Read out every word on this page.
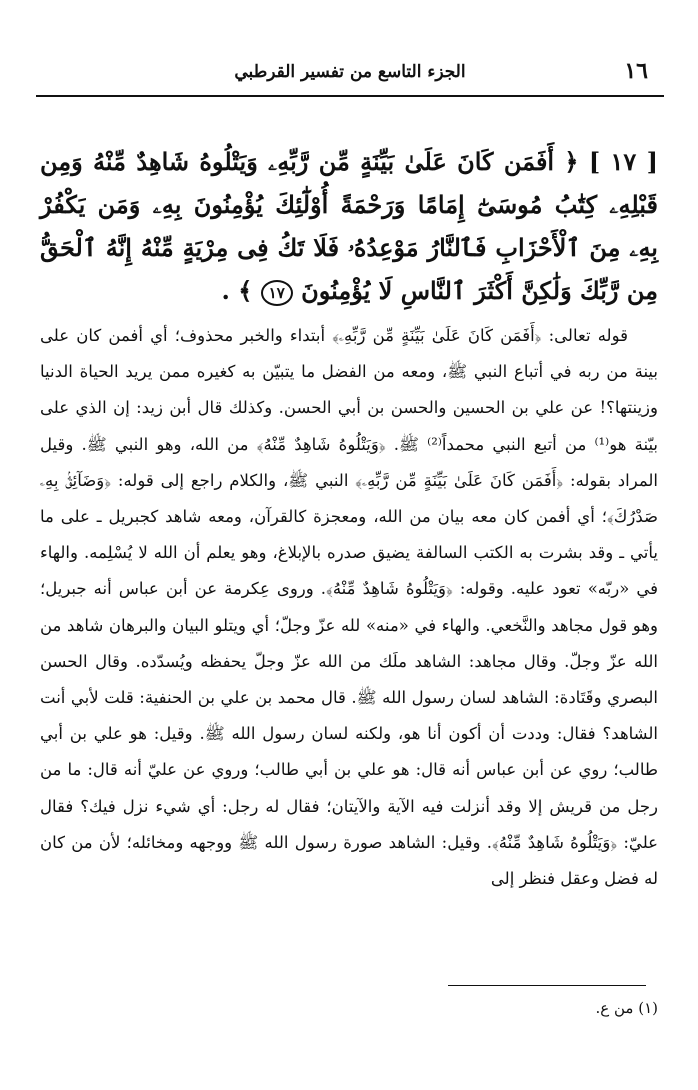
١٦
الجزء التاسع من تفسير القرطبي
[ ١٧ ] ﴿ أَفَمَن كَانَ عَلَىٰ بَيِّنَةٍ مِّن رَّبِّهِۦ وَيَتْلُوهُ شَاهِدٌ مِّنْهُ وَمِن قَبْلِهِۦ كِتَٰبُ مُوسَىٰٓ إِمَامًا وَرَحْمَةً أُوْلَٰٓئِكَ يُؤْمِنُونَ بِهِۦ وَمَن يَكْفُرْ بِهِۦ مِنَ ٱلْأَحْزَابِ فَٱلنَّارُ مَوْعِدُهُۥ فَلَا تَكُ فِى مِرْيَةٍ مِّنْهُ إِنَّهُ ٱلْحَقُّ مِن رَّبِّكَ وَلَٰكِنَّ أَكْثَرَ ٱلنَّاسِ لَا يُؤْمِنُونَ ١٧ ﴾ .

قوله تعالى: ﴿أَفَمَن كَانَ عَلَىٰ بَيِّنَةٍ مِّن رَّبِّهِۦ﴾ أبتداء والخبر محذوف؛ أي أفمن كان على بينة من ربه في أتباع النبي ﷺ، ومعه من الفضل ما يتبيّن به كغيره ممن يريد الحياة الدنيا وزينتها؟! عن علي بن الحسين والحسن بن أبي الحسن. وكذلك قال أبن زيد: إن الذي على بيّنة هو⁽¹⁾ من أتبع النبي محمداً⁽²⁾ ﷺ. ﴿وَيَتْلُوهُ شَاهِدٌ مِّنْهُ﴾ من الله، وهو النبي ﷺ. وقيل المراد بقوله: ﴿أَفَمَن كَانَ عَلَىٰ بَيِّنَةٍ مِّن رَّبِّهِۦ﴾ النبي ﷺ، والكلام راجع إلى قوله: ﴿وَضَآئِقٌۢ بِهِۦ صَدْرُكَ﴾؛ أي أفمن كان معه بيان من الله، ومعجزة كالقرآن، ومعه شاهد كجبريل ـ على ما يأتي ـ وقد بشرت به الكتب السالفة يضيق صدره بالإبلاغ، وهو يعلم أن الله لا يُسْلِمه. والهاء في «ربّه» تعود عليه. وقوله: ﴿وَيَتْلُوهُ شَاهِدٌ مِّنْهُ﴾. وروى عِكرمة عن أبن عباس أنه جبريل؛ وهو قول مجاهد والنَّخعي. والهاء في «منه» لله عزّ وجلّ؛ أي ويتلو البيان والبرهان شاهد من الله عزّ وجلّ. وقال مجاهد: الشاهد ملَك من الله عزّ وجلّ يحفظه ويُسدّده. وقال الحسن البصري وقَتَادة: الشاهد لسان رسول الله ﷺ. قال محمد بن علي بن الحنفية: قلت لأبي أنت الشاهد؟ فقال: وددت أن أكون أنا هو، ولكنه لسان رسول الله ﷺ. وقيل: هو علي بن أبي طالب؛ روي عن أبن عباس أنه قال: هو علي بن أبي طالب؛ وروي عن عليّ أنه قال: ما من رجل من قريش إلا وقد أنزلت فيه الآية والآيتان؛ فقال له رجل: أي شيء نزل فيك؟ فقال عليّ: ﴿وَيَتْلُوهُ شَاهِدٌ مِّنْهُ﴾. وقيل: الشاهد صورة رسول الله ﷺ ووجهه ومخائله؛ لأن من كان له فضل وعقل فنظر إلى

(١) من ع.
